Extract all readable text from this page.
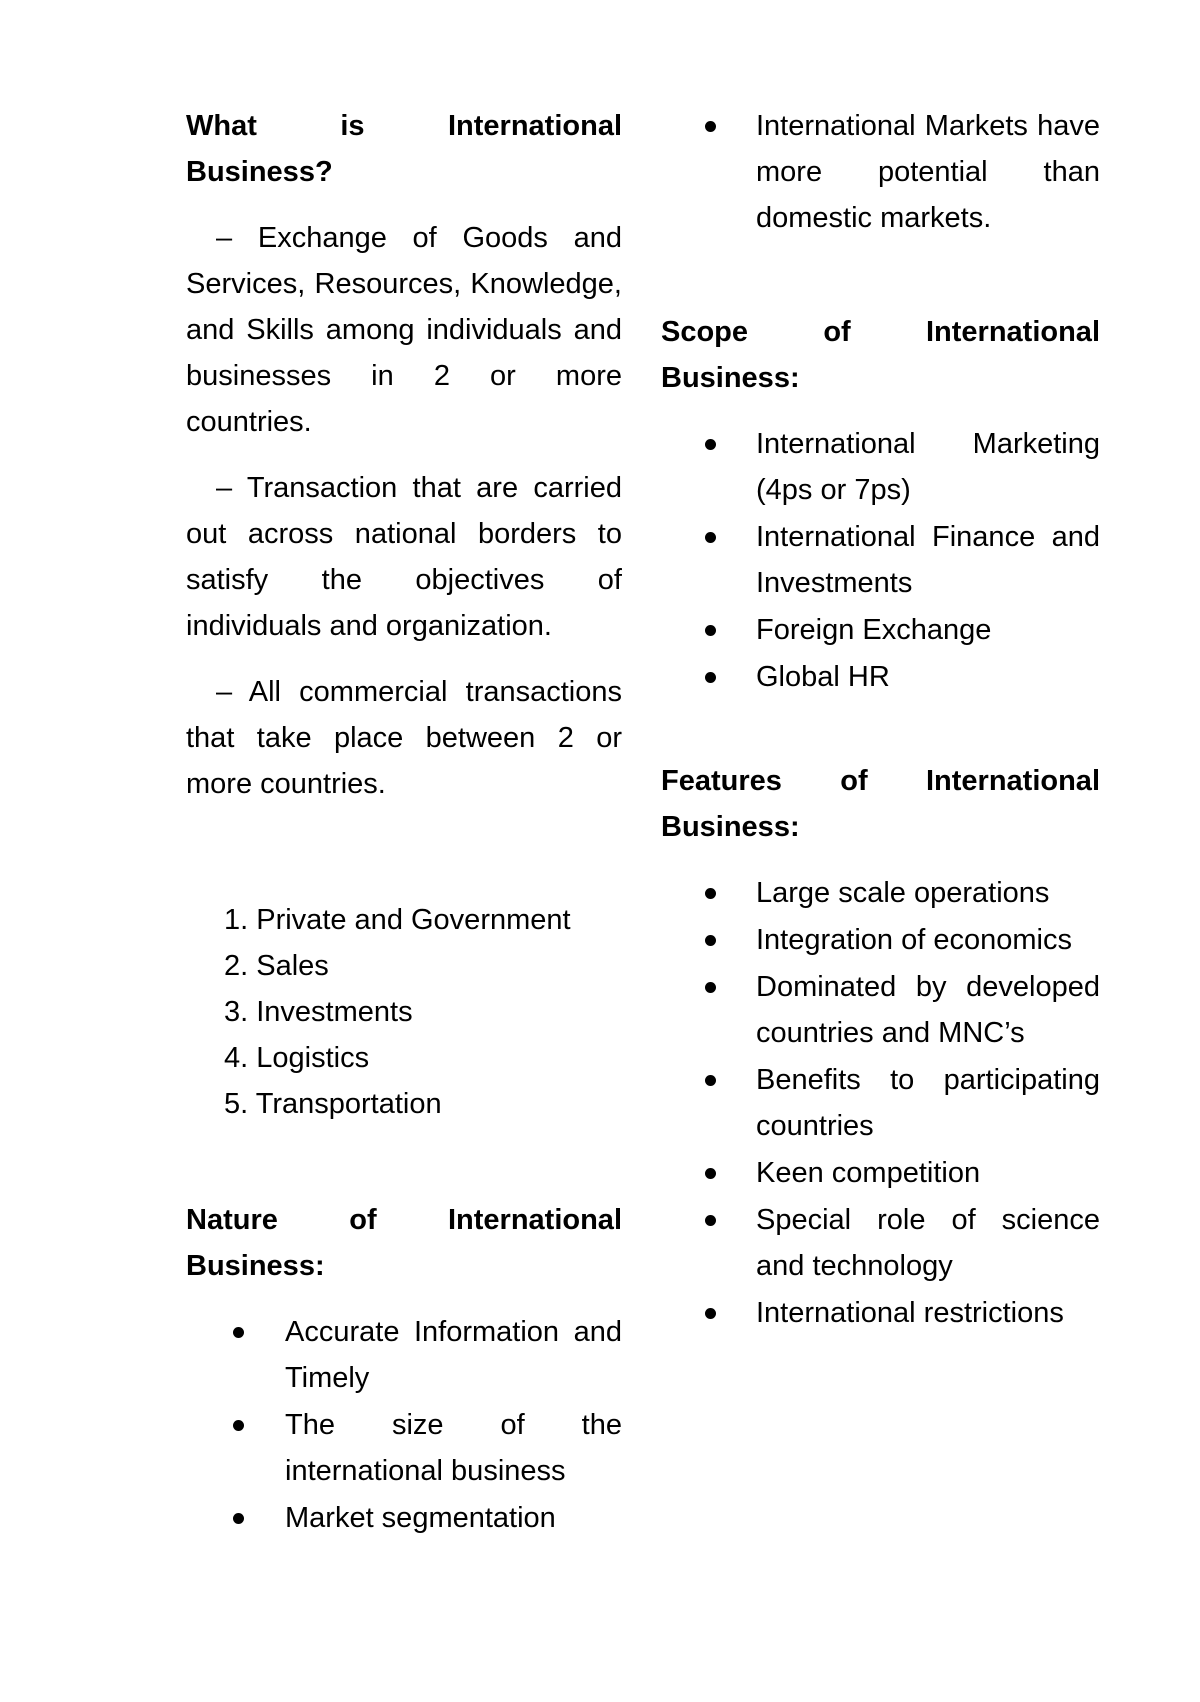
What is International

Business?

– Exchange of Goods and Services, Resources, Knowledge, and Skills among individuals and businesses in 2 or more countries.

– Transaction that are carried out across national borders to satisfy the objectives of individuals and organization.

– All commercial transactions that take place between 2 or more countries.

1. Private and Government
2. Sales
3. Investments
4. Logistics
5. Transportation

Nature of International

Business:

Accurate Information and Timely
The size of the international business
Market segmentation
International Markets have more potential than domestic markets.

Scope of International

Business:

International Marketing (4ps or 7ps)
International Finance and Investments
Foreign Exchange
Global HR

Features of International

Business:

Large scale operations
Integration of economics
Dominated by developed countries and MNC’s
Benefits to participating countries
Keen competition
Special role of science and technology
International restrictions
